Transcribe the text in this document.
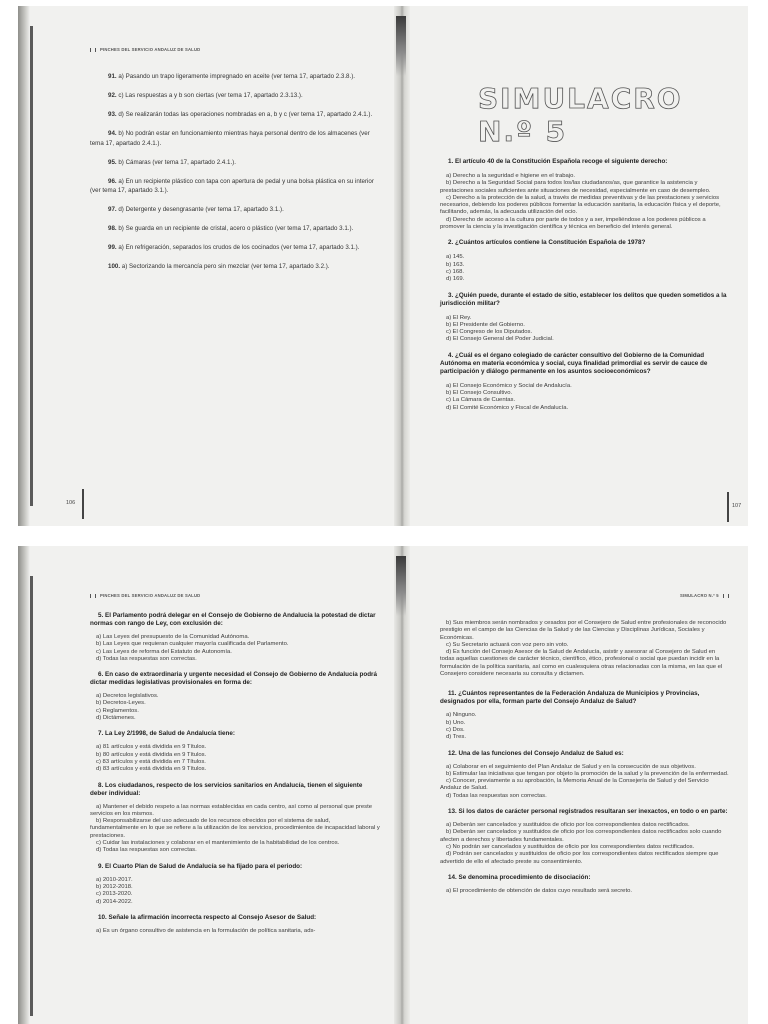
PINCHES DEL SERVICIO ANDALUZ DE SALUD
91. a) Pasando un trapo ligeramente impregnado en aceite (ver tema 17, apartado 2.3.8.).
92. c) Las respuestas a y b son ciertas (ver tema 17, apartado 2.3.13.).
93. d) Se realizarán todas las operaciones nombradas en a, b y c (ver tema 17, apartado 2.4.1.).
94. b) No podrán estar en funcionamiento mientras haya personal dentro de los almacenes (ver tema 17, apartado 2.4.1.).
95. b) Cámaras (ver tema 17, apartado 2.4.1.).
96. a) En un recipiente plástico con tapa con apertura de pedal y una bolsa plástica en su interior (ver tema 17, apartado 3.1.).
97. d) Detergente y desengrasante (ver tema 17, apartado 3.1.).
98. b) Se guarda en un recipiente de cristal, acero o plástico (ver tema 17, apartado 3.1.).
99. a) En refrigeración, separados los crudos de los cocinados (ver tema 17, apartado 3.1.).
100. a) Sectorizando la mercancía pero sin mezclar (ver tema 17, apartado 3.2.).
106
SIMULACRO N.º 5
1. El artículo 40 de la Constitución Española recoge el siguiente derecho:
a) Derecho a la seguridad e higiene en el trabajo.
b) Derecho a la Seguridad Social para todos los/las ciudadanos/as, que garantice la asistencia y prestaciones sociales suficientes ante situaciones de necesidad, especialmente en caso de desempleo.
c) Derecho a la protección de la salud, a través de medidas preventivas y de las prestaciones y servicios necesarios, debiendo los poderes públicos fomentar la educación sanitaria, la educación física y el deporte, facilitando, además, la adecuada utilización del ocio.
d) Derecho de acceso a la cultura por parte de todos y a ser, impeliéndose a los poderes públicos a promover la ciencia y la investigación científica y técnica en beneficio del interés general.
2. ¿Cuántos artículos contiene la Constitución Española de 1978?
a) 145.
b) 163.
c) 168.
d) 169.
3. ¿Quién puede, durante el estado de sitio, establecer los delitos que queden sometidos a la jurisdicción militar?
a) El Rey.
b) El Presidente del Gobierno.
c) El Congreso de los Diputados.
d) El Consejo General del Poder Judicial.
4. ¿Cuál es el órgano colegiado de carácter consultivo del Gobierno de la Comunidad Autónoma en materia económica y social, cuya finalidad primordial es servir de cauce de participación y diálogo permanente en los asuntos socioeconómicos?
a) El Consejo Económico y Social de Andalucía.
b) El Consejo Consultivo.
c) La Cámara de Cuentas.
d) El Comité Económico y Fiscal de Andalucía.
107
PINCHES DEL SERVICIO ANDALUZ DE SALUD
5. El Parlamento podrá delegar en el Consejo de Gobierno de Andalucía la potestad de dictar normas con rango de Ley, con exclusión de:
a) Las Leyes del presupuesto de la Comunidad Autónoma.
b) Las Leyes que requieran cualquier mayoría cualificada del Parlamento.
c) Las Leyes de reforma del Estatuto de Autonomía.
d) Todas las respuestas son correctas.
6. En caso de extraordinaria y urgente necesidad el Consejo de Gobierno de Andalucía podrá dictar medidas legislativas provisionales en forma de:
a) Decretos legislativos.
b) Decretos-Leyes.
c) Reglamentos.
d) Dictámenes.
7. La Ley 2/1998, de Salud de Andalucía tiene:
a) 81 artículos y está dividida en 9 Títulos.
b) 80 artículos y está dividida en 9 Títulos.
c) 83 artículos y está dividida en 7 Títulos.
d) 83 artículos y está dividida en 9 Títulos.
8. Los ciudadanos, respecto de los servicios sanitarios en Andalucía, tienen el siguiente deber individual:
a) Mantener el debido respeto a las normas establecidas en cada centro, así como al personal que preste servicios en los mismos.
b) Responsabilizarse del uso adecuado de los recursos ofrecidos por el sistema de salud, fundamentalmente en lo que se refiere a la utilización de los servicios, procedimientos de incapacidad laboral y prestaciones.
c) Cuidar las instalaciones y colaborar en el mantenimiento de la habitabilidad de los centros.
d) Todas las respuestas son correctas.
9. El Cuarto Plan de Salud de Andalucía se ha fijado para el periodo:
a) 2010-2017.
b) 2012-2018.
c) 2013-2020.
d) 2014-2022.
10. Señale la afirmación incorrecta respecto al Consejo Asesor de Salud:
a) Es un órgano consultivo de asistencia en la formulación de política sanitaria, ads-
SIMULACRO N.º 5
b) Sus miembros serán nombrados y cesados por el Consejero de Salud entre profesionales de reconocido prestigio en el campo de las Ciencias de la Salud y de las Ciencias y Disciplinas Jurídicas, Sociales y Económicas.
c) Su Secretario actuará con voz pero sin voto.
d) Es función del Consejo Asesor de la Salud de Andalucía, asistir y asesorar al Consejero de Salud en todas aquellas cuestiones de carácter técnico, científico, ético, profesional o social que puedan incidir en la formulación de la política sanitaria, así como en cualesquiera otras relacionadas con la misma, en las que el Consejero considere necesaria su consulta y dictamen.
11. ¿Cuántos representantes de la Federación Andaluza de Municipios y Provincias, designados por ella, forman parte del Consejo Andaluz de Salud?
a) Ninguno.
b) Uno.
c) Dos.
d) Tres.
12. Una de las funciones del Consejo Andaluz de Salud es:
a) Colaborar en el seguimiento del Plan Andaluz de Salud y en la consecución de sus objetivos.
b) Estimular las iniciativas que tengan por objeto la promoción de la salud y la prevención de la enfermedad.
c) Conocer, previamente a su aprobación, la Memoria Anual de la Consejería de Salud y del Servicio Andaluz de Salud.
d) Todas las respuestas son correctas.
13. Si los datos de carácter personal registrados resultaran ser inexactos, en todo o en parte:
a) Deberán ser cancelados y sustituidos de oficio por los correspondientes datos rectificados.
b) Deberán ser cancelados y sustituidos de oficio por los correspondientes datos rectificados solo cuando afecten a derechos y libertades fundamentales.
c) No podrán ser cancelados y sustituidos de oficio por los correspondientes datos rectificados.
d) Podrán ser cancelados y sustituidos de oficio por los correspondientes datos rectificados siempre que advertido de ello el afectado preste su consentimiento.
14. Se denomina procedimiento de disociación:
a) El procedimiento de obtención de datos cuyo resultado será secreto.
